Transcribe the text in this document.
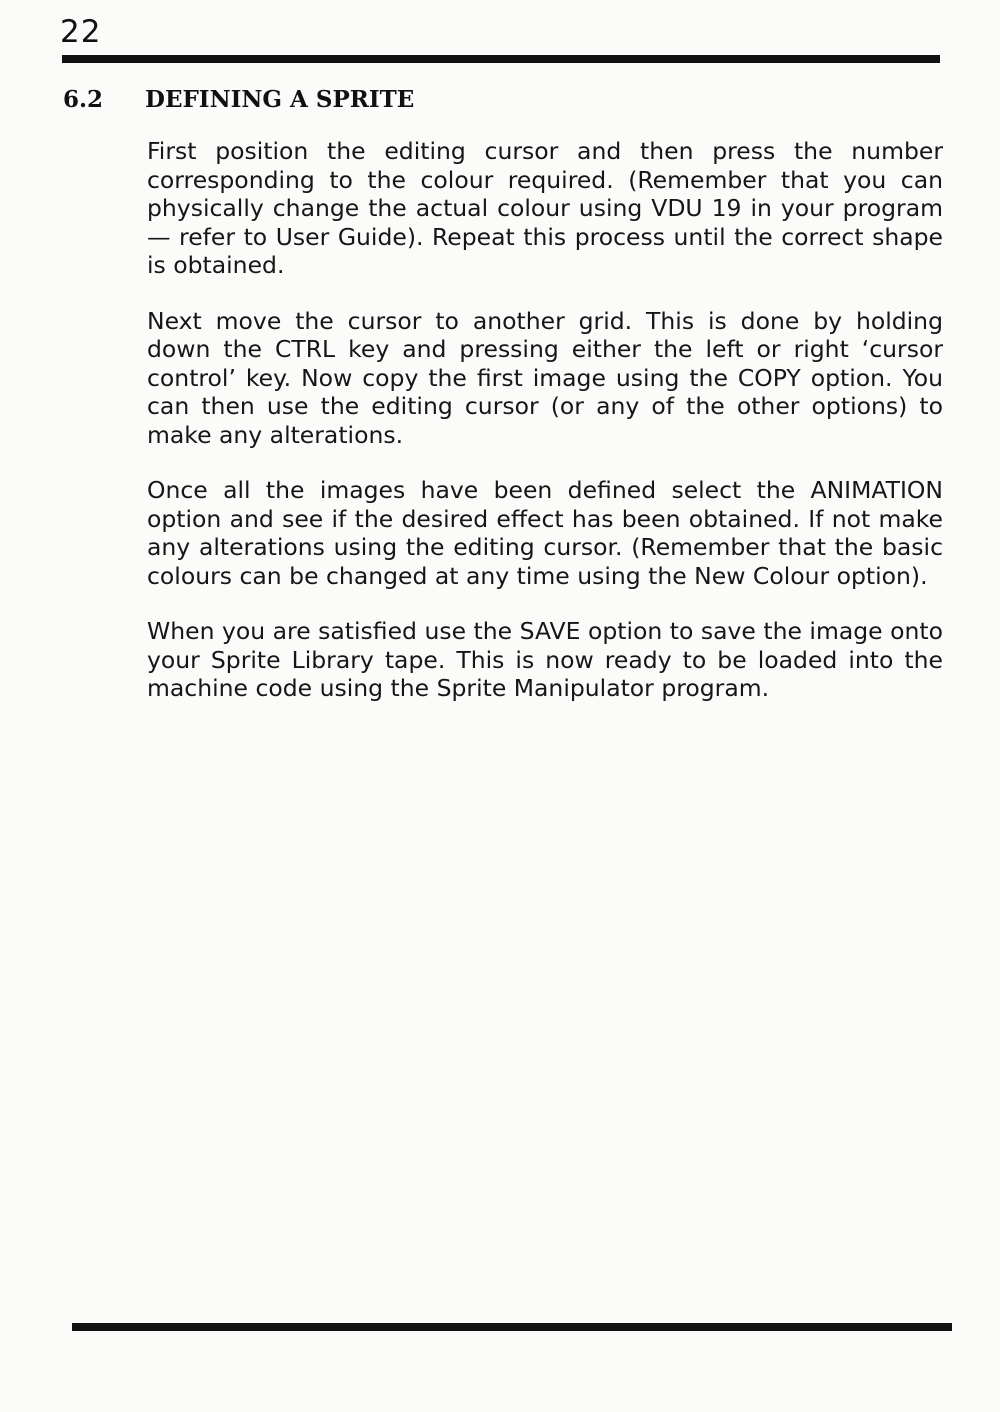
22
6.2	DEFINING A SPRITE

First position the editing cursor and then press the number corresponding to the colour required. (Remember that you can physically change the actual colour using VDU 19 in your program — refer to User Guide). Repeat this process until the correct shape is obtained.

Next move the cursor to another grid. This is done by holding down the CTRL key and pressing either the left or right ‘cursor control’ key. Now copy the first image using the COPY option. You can then use the editing cursor (or any of the other options) to make any alterations.

Once all the images have been defined select the ANIMATION option and see if the desired effect has been obtained. If not make any alterations using the editing cursor. (Remember that the basic colours can be changed at any time using the New Colour option).

When you are satisfied use the SAVE option to save the image onto your Sprite Library tape. This is now ready to be loaded into the machine code using the Sprite Manipulator program.
